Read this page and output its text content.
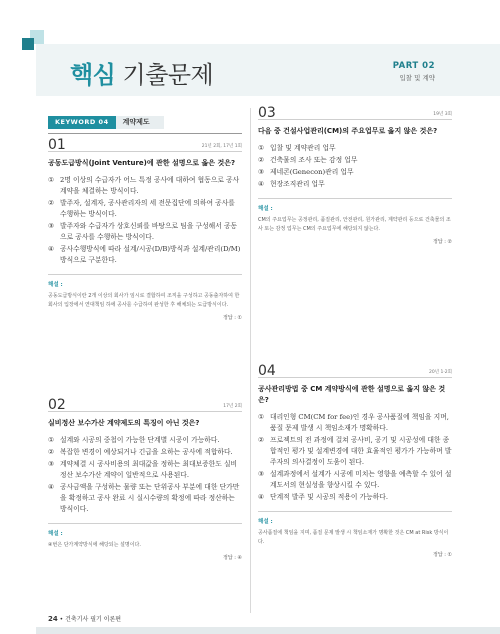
핵심 기출문제	PART 02
입찰 및 계약
KEYWORD 04	계약제도
01	21년 2회, 17년 1회
공동도급방식(Joint Venture)에 관한 설명으로 옳은 것은?
① 2명 이상의 수급자가 어느 특정 공사에 대하여 협동으로 공사계약을 체결하는 방식이다.
② 발주자, 설계자, 공사관리자의 세 전문집단에 의하여 공사를 수행하는 방식이다.
③ 발주자와 수급자가 상호신뢰를 바탕으로 팀을 구성해서 공동으로 공사를 수행하는 방식이다.
④ 공사수행방식에 따라 설계/시공(D/B)방식과 설계/관리(D/M)방식으로 구분한다.
해설 :
공동도급방식이란 2개 이상의 회사가 임시로 결합하여 조직을 구성하고 공동출자하여 한 회사의 입장에서 연대책임 하에 공사를 수급하여 완성한 후 해체되는 도급방식이다.
정답 : ①
02	17년 2회
실비정산 보수가산 계약제도의 특징이 아닌 것은?
① 설계와 시공의 중첩이 가능한 단계별 시공이 가능하다.
② 복잡한 변경이 예상되거나 긴급을 요하는 공사에 적합하다.
③ 계약체결 시 공사비용의 최대값을 정하는 최대보증한도 실비정산 보수가산 계약이 일반적으로 사용된다.
④ 공사금액을 구성하는 물량 또는 단위공사 부분에 대한 단가만을 확정하고 공사 완료 시 실시수량의 확정에 따라 정산하는 방식이다.
해설 :
④번은 단가계약방식에 해당되는 설명이다.
정답 : ④
03	19년 3회
다음 중 건설사업관리(CM)의 주요업무로 옳지 않은 것은?
① 입찰 및 계약관리 업무
② 건축물의 조사 또는 감정 업무
③ 제네콘(Genecon)관리 업무
④ 현장조직관리 업무
해설 :
CM의 주요업무는 공정관리, 품질관리, 안전관리, 원가관리, 계약관리 등으로 건축물의 조사 또는 감정 업무는 CM의 주요업무에 해당되지 않는다.
정답 : ②
04	20년 1·2회
공사관리방법 중 CM 계약방식에 관한 설명으로 옳지 않은 것은?
① 대리인형 CM(CM for fee)인 경우 공사품질에 책임을 지며, 품질 문제 발생 시 책임소재가 명확하다.
② 프로젝트의 전 과정에 걸쳐 공사비, 공기 및 시공성에 대한 종합적인 평가 및 설계변경에 대한 효율적인 평가가 가능하며 발주자의 의사결정이 도움이 된다.
③ 설계과정에서 설계가 시공에 미치는 영향을 예측할 수 있어 설계도서의 현실성을 향상시킬 수 있다.
④ 단계적 발주 및 시공의 적용이 가능하다.
해설 :
공사품질에 책임을 지며, 품질 문제 발생 시 책임소재가 명확한 것은 CM at Risk 방식이다.
정답 : ①
24 • 건축기사 필기 이론편
